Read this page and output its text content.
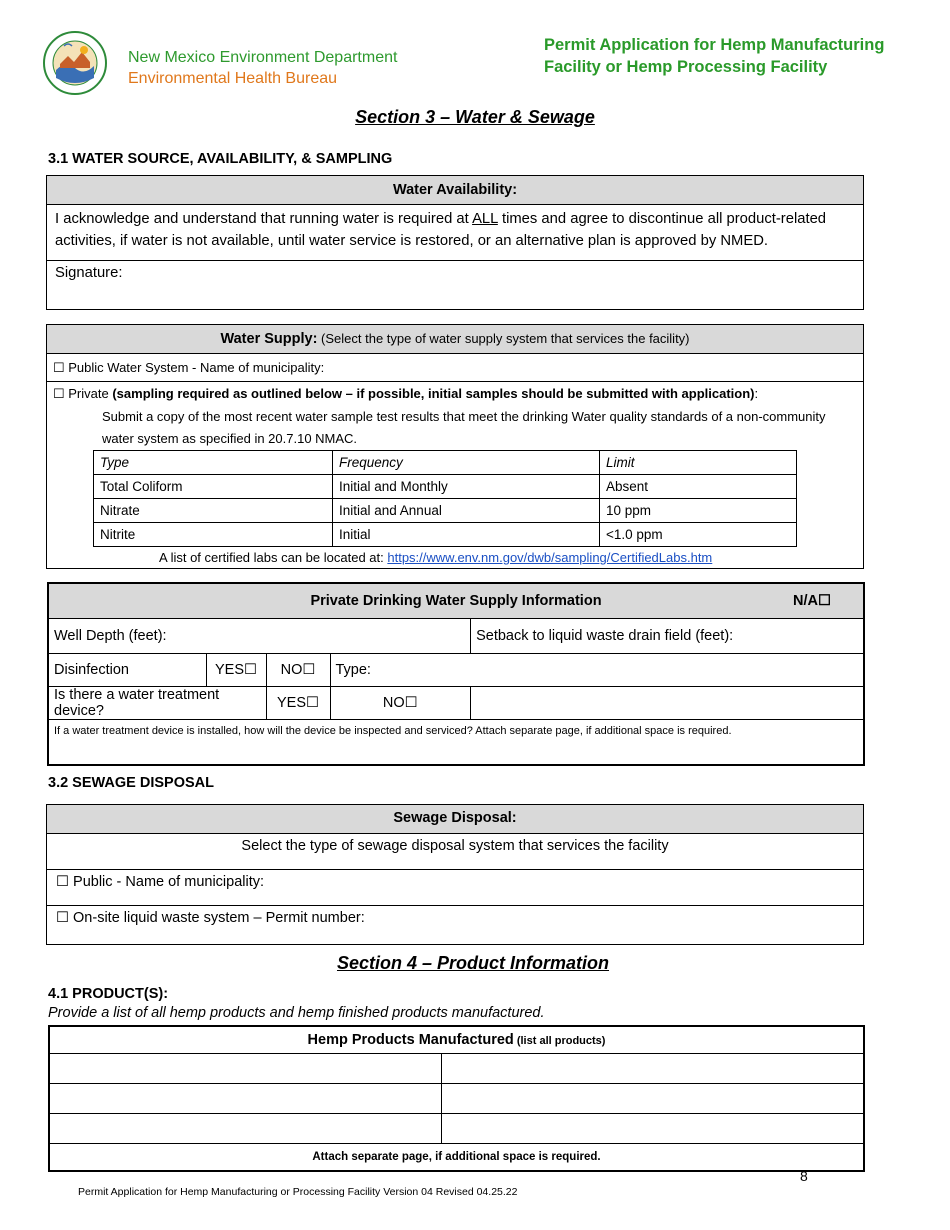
New Mexico Environment Department
Environmental Health Bureau
Permit Application for Hemp Manufacturing
Facility or Hemp Processing Facility
Section 3 – Water & Sewage
3.1 WATER SOURCE, AVAILABILITY, & SAMPLING
Water Availability:
I acknowledge and understand that running water is required at ALL times and agree to discontinue all product-related activities, if water is not available, until water service is restored, or an alternative plan is approved by NMED.
Signature:
Water Supply: (Select the type of water supply system that services the facility)
☐ Public Water System - Name of municipality:
☐ Private (sampling required as outlined below – if possible, initial samples should be submitted with application):
Submit a copy of the most recent water sample test results that meet the drinking Water quality standards of a non-community water system as specified in 20.7.10 NMAC.
Type	Frequency	Limit
Total Coliform	Initial and Monthly	Absent
Nitrate	Initial and Annual	10 ppm
Nitrite	Initial	<1.0 ppm
A list of certified labs can be located at: https://www.env.nm.gov/dwb/sampling/CertifiedLabs.htm
Private Drinking Water Supply Information N/A☐				

Well Depth (feet):				Setback to liquid waste drain field (feet):
Disinfection	YES☐	NO☐	Type:	
Is there a water treatment device?		YES☐	NO☐	
If a water treatment device is installed, how will the device be inspected and serviced? Attach separate page, if additional space is required.				
3.2 SEWAGE DISPOSAL
Sewage Disposal:
Select the type of sewage disposal system that services the facility
☐ Public - Name of municipality:
☐ On-site liquid waste system – Permit number:
Section 4 – Product Information
4.1 PRODUCT(S):
Provide a list of all hemp products and hemp finished products manufactured.
Hemp Products Manufactured (list all products)	

Attach separate page, if additional space is required.	
8
Permit Application for Hemp Manufacturing or Processing Facility Version 04 Revised 04.25.22
